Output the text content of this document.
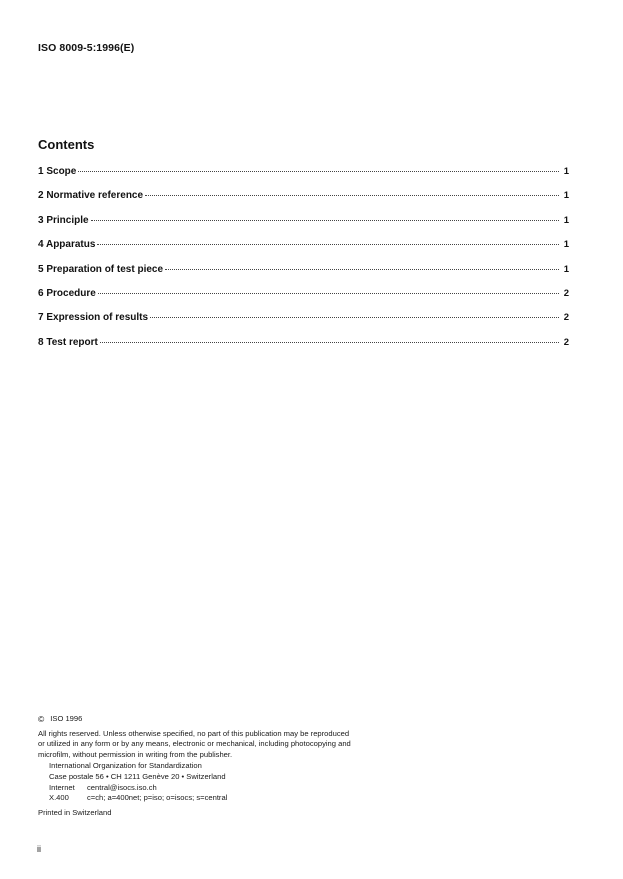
ISO 8009-5:1996(E)
Contents
1 Scope	1
2 Normative reference	1
3 Principle	1
4 Apparatus	1
5 Preparation of test piece	1
6 Procedure	2
7 Expression of results	2
8 Test report	2
© ISO 1996

All rights reserved. Unless otherwise specified, no part of this publication may be reproduced

or utilized in any form or by any means, electronic or mechanical, including photocopying and

microfilm, without permission in writing from the publisher.

International Organization for Standardization
Case postale 56 • CH 1211 Genève 20 • Switzerland
Internet	central@isocs.iso.ch
X.400	c=ch; a=400net; p=iso; o=isocs; s=central
Printed in Switzerland
ii
